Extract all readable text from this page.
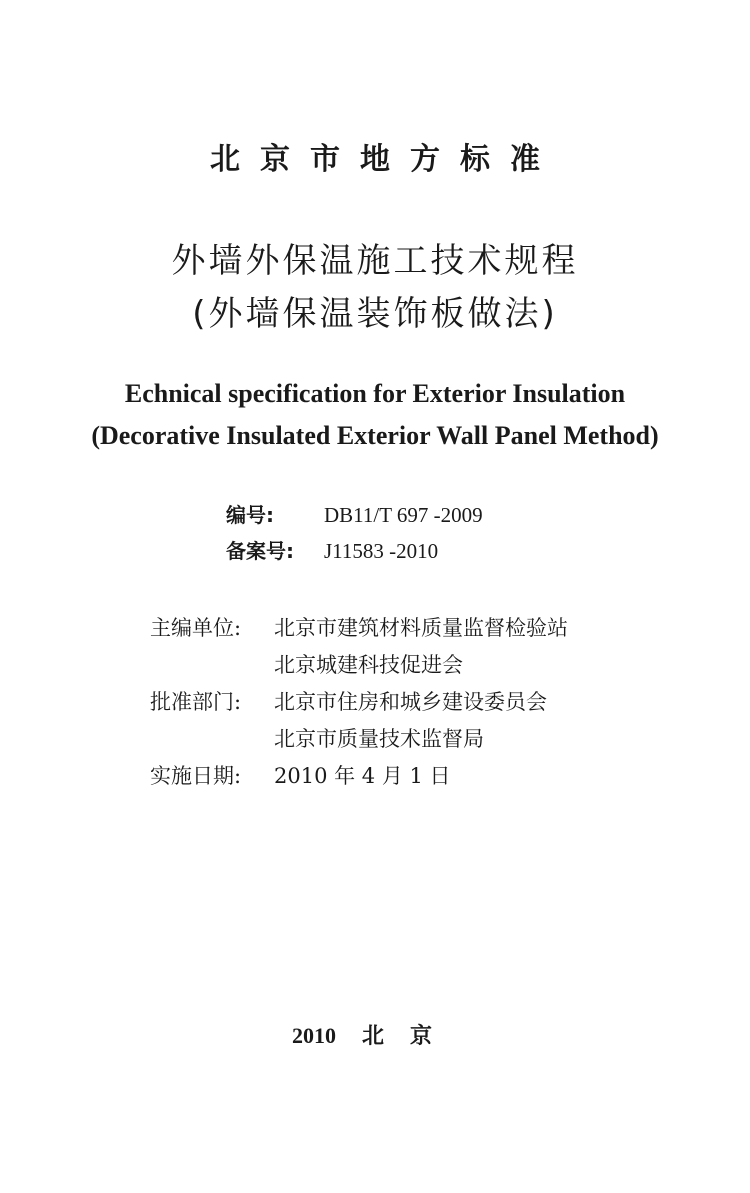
北京市地方标准
外墙外保温施工技术规程
(外墙保温装饰板做法)
Echnical specification for Exterior Insulation
(Decorative Insulated Exterior Wall Panel Method)
编号: DB11/T 697 -2009
备案号: J11583 -2010
主编单位: 北京市建筑材料质量监督检验站
北京城建科技促进会
批准部门: 北京市住房和城乡建设委员会
北京市质量技术监督局
实施日期: 2010 年 4 月 1 日
2010 北京
